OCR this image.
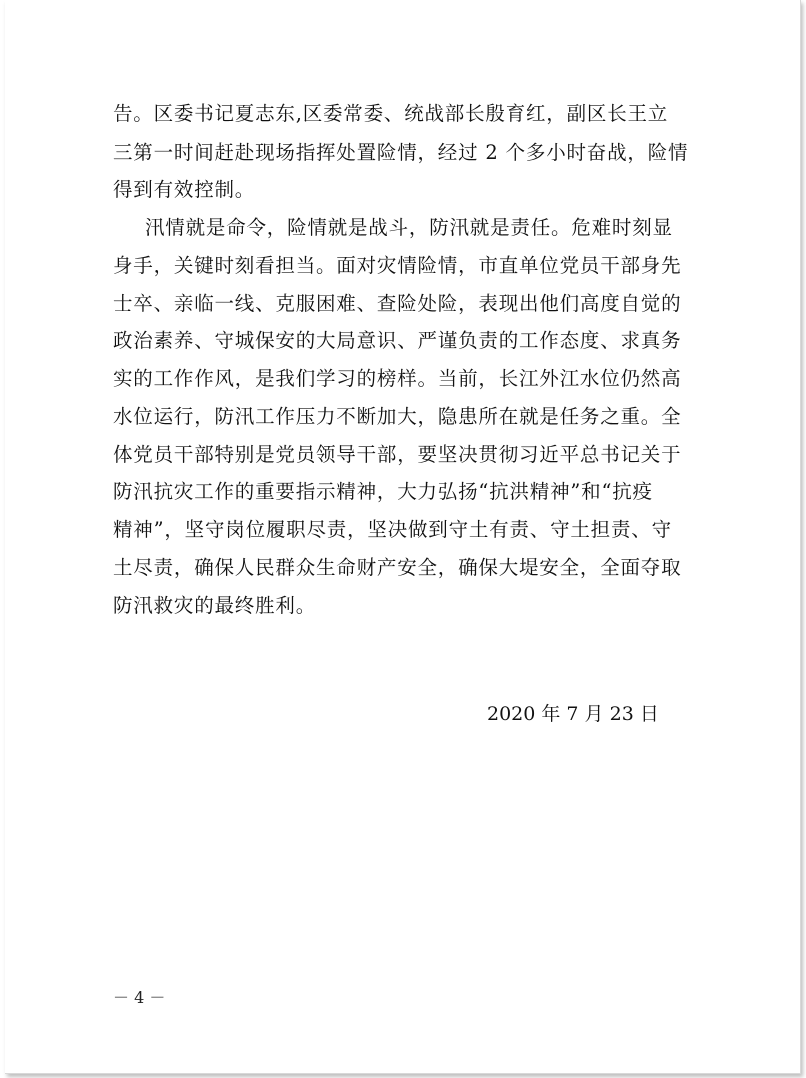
告。区委书记夏志东,区委常委、统战部长殷育红，副区长王立
三第一时间赶赴现场指挥处置险情，经过 2 个多小时奋战，险情
得到有效控制。
汛情就是命令，险情就是战斗，防汛就是责任。危难时刻显
身手，关键时刻看担当。面对灾情险情，市直单位党员干部身先
士卒、亲临一线、克服困难、查险处险，表现出他们高度自觉的
政治素养、守城保安的大局意识、严谨负责的工作态度、求真务
实的工作作风，是我们学习的榜样。当前，长江外江水位仍然高
水位运行，防汛工作压力不断加大，隐患所在就是任务之重。全
体党员干部特别是党员领导干部，要坚决贯彻习近平总书记关于
防汛抗灾工作的重要指示精神，大力弘扬“抗洪精神”和“抗疫
精神”，坚守岗位履职尽责，坚决做到守土有责、守土担责、守
土尽责，确保人民群众生命财产安全，确保大堤安全，全面夺取
防汛救灾的最终胜利。
2020 年 7 月 23 日
－ 4 －
